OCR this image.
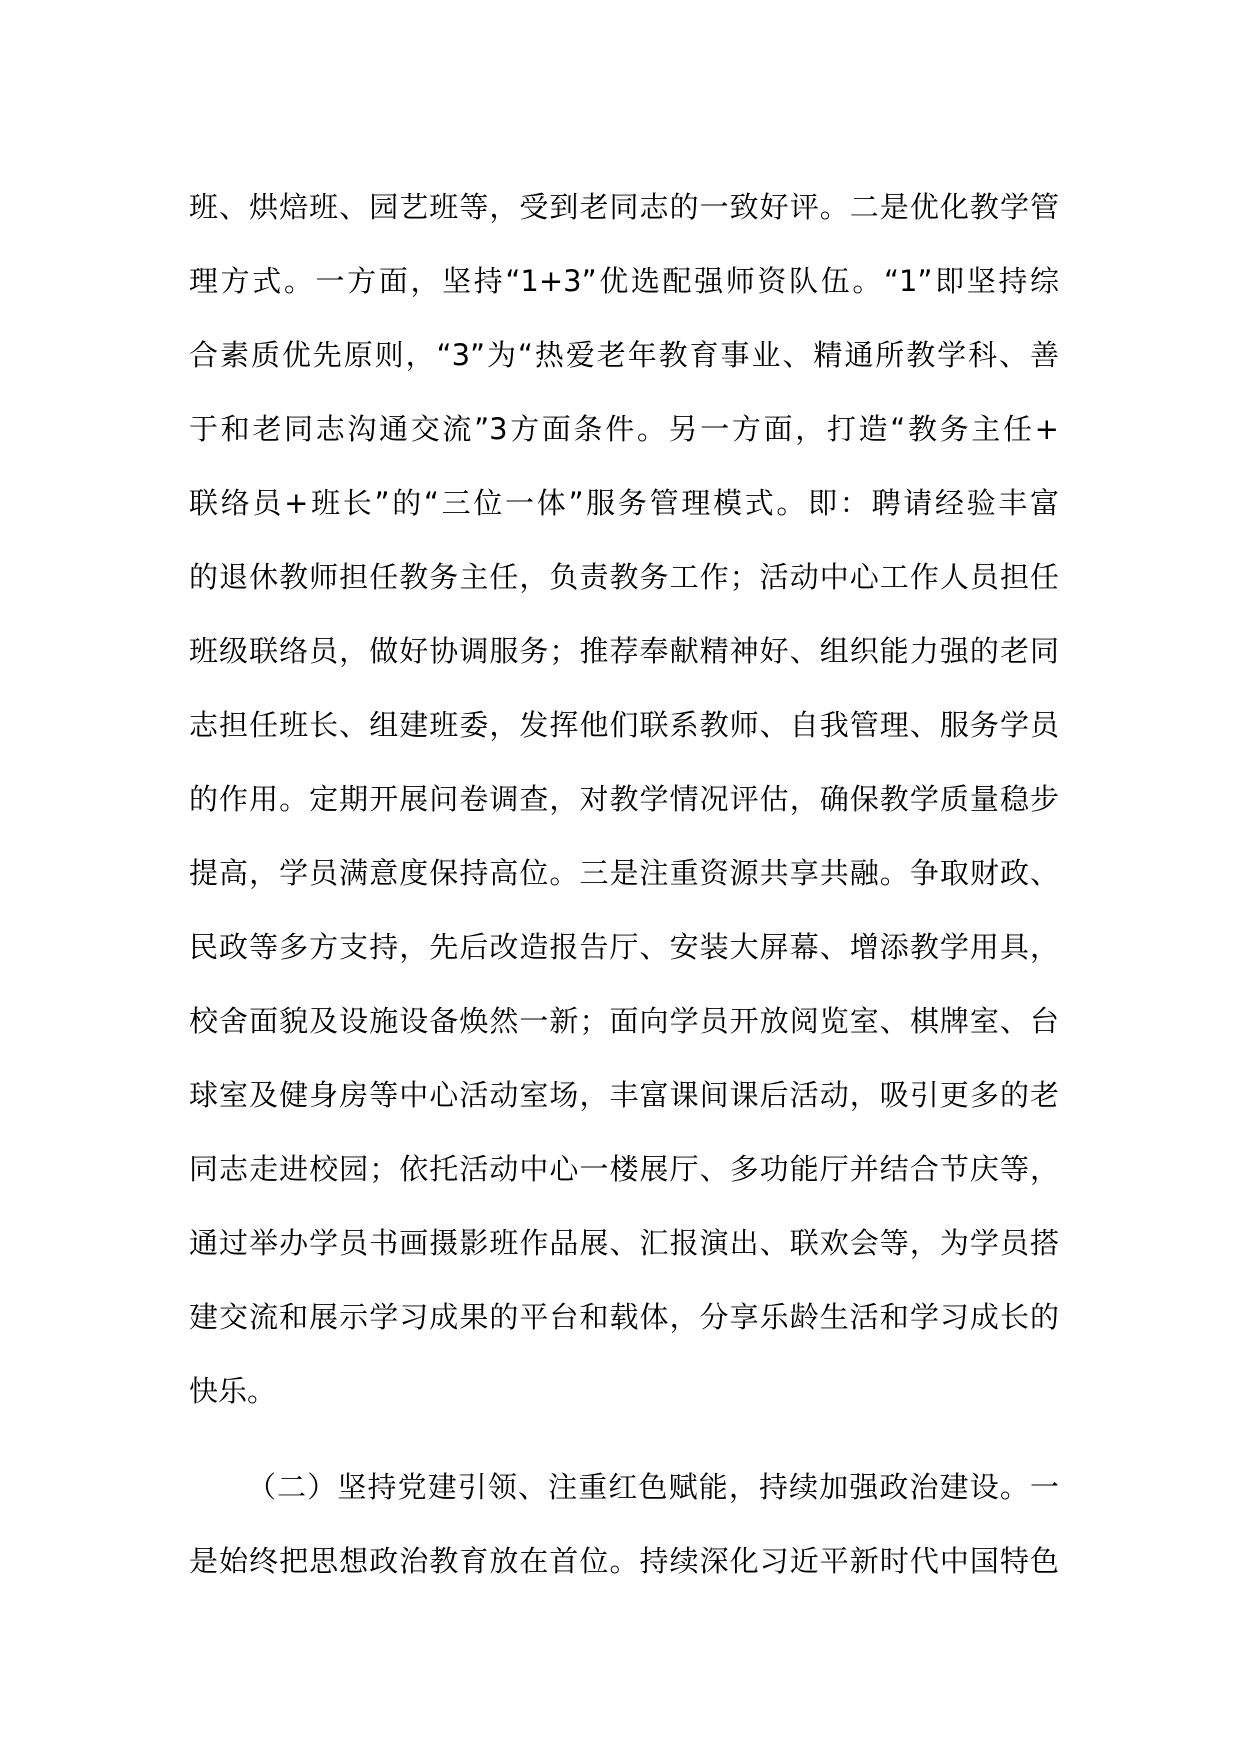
班、烘焙班、园艺班等，受到老同志的一致好评。二是优化教学管
理方式。一方面，坚持“1+3”优选配强师资队伍。“1”即坚持综
合素质优先原则，“3”为“热爱老年教育事业、精通所教学科、善
于和老同志沟通交流”3方面条件。另一方面，打造“教务主任+
联络员+班长”的“三位一体”服务管理模式。即：聘请经验丰富
的退休教师担任教务主任，负责教务工作；活动中心工作人员担任
班级联络员，做好协调服务；推荐奉献精神好、组织能力强的老同
志担任班长、组建班委，发挥他们联系教师、自我管理、服务学员
的作用。定期开展问卷调查，对教学情况评估，确保教学质量稳步
提高，学员满意度保持高位。三是注重资源共享共融。争取财政、
民政等多方支持，先后改造报告厅、安装大屏幕、增添教学用具，
校舍面貌及设施设备焕然一新；面向学员开放阅览室、棋牌室、台
球室及健身房等中心活动室场，丰富课间课后活动，吸引更多的老
同志走进校园；依托活动中心一楼展厅、多功能厅并结合节庆等，
通过举办学员书画摄影班作品展、汇报演出、联欢会等，为学员搭
建交流和展示学习成果的平台和载体，分享乐龄生活和学习成长的
快乐。
（二）坚持党建引领、注重红色赋能，持续加强政治建设。一
是始终把思想政治教育放在首位。持续深化习近平新时代中国特色
